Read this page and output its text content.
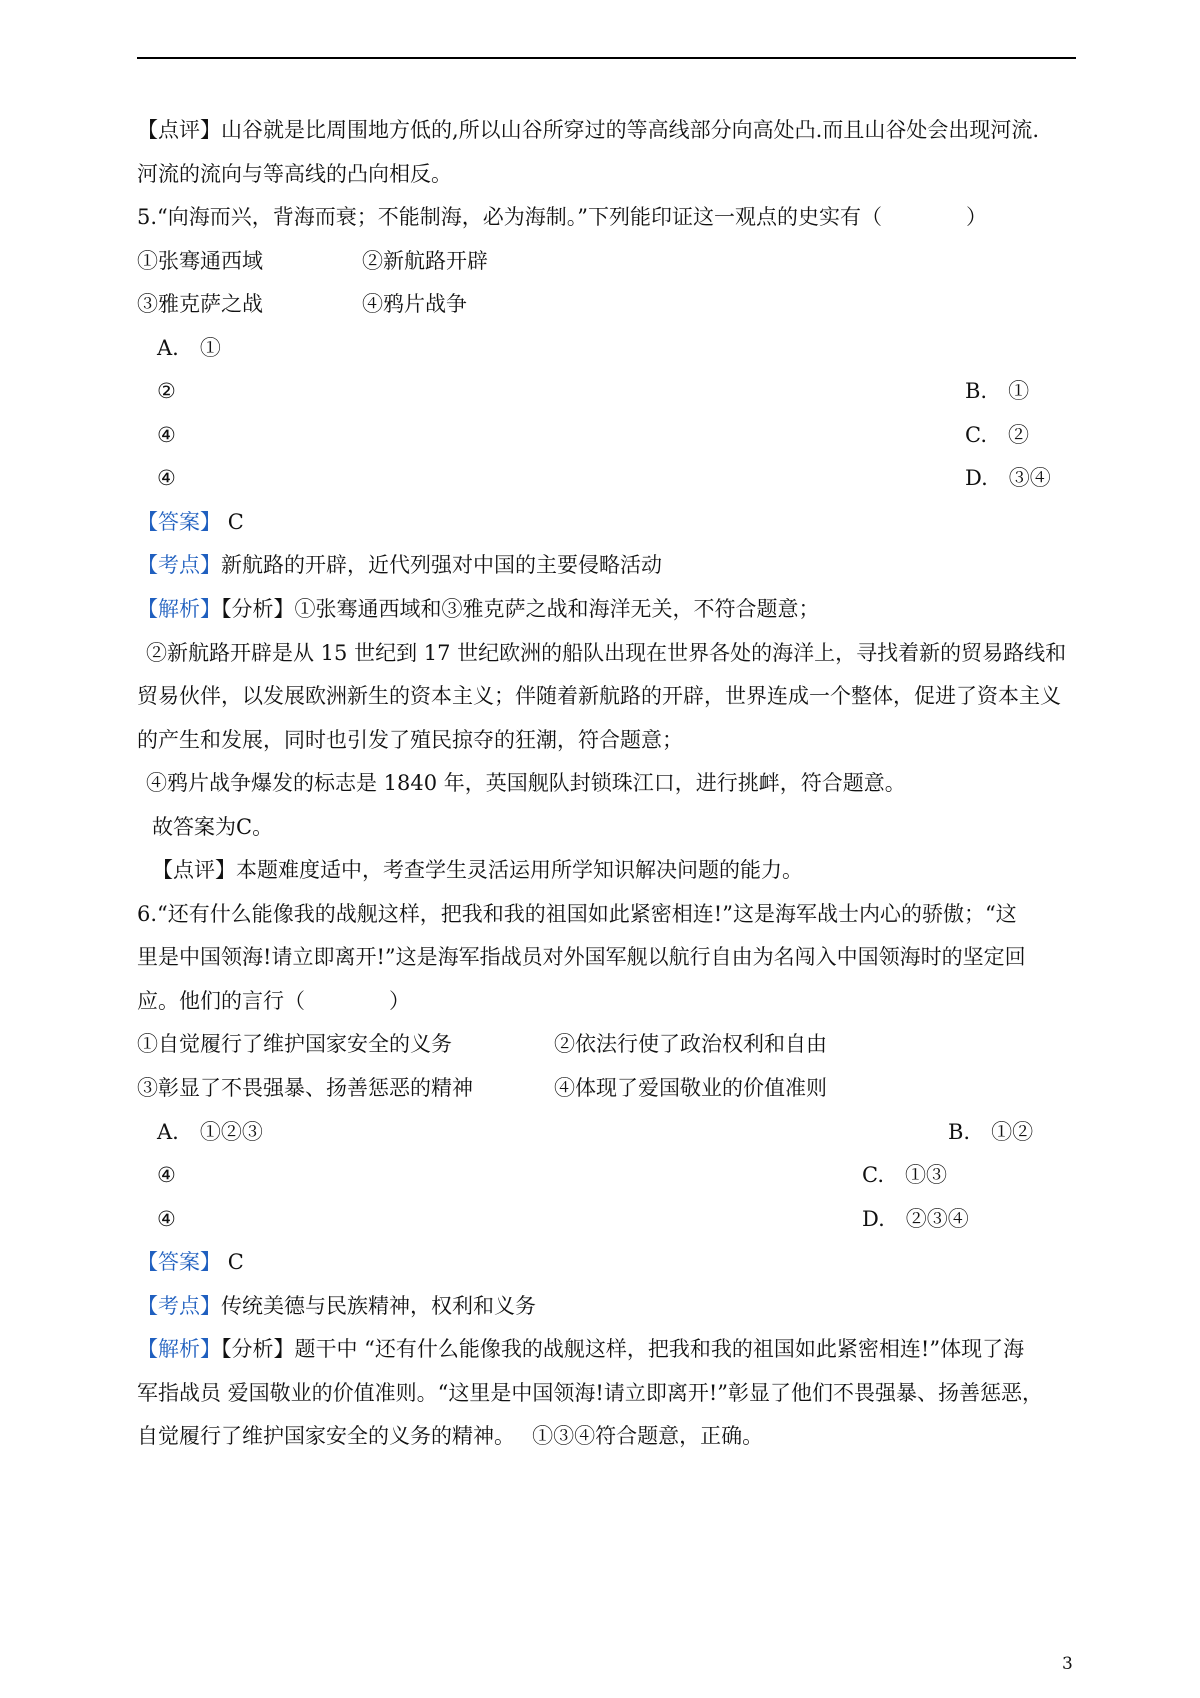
【点评】山谷就是比周围地方低的,所以山谷所穿过的等高线部分向高处凸.而且山谷处会出现河流.
河流的流向与等高线的凸向相反。
5.“向海而兴，背海而衰；不能制海，必为海制。”下列能印证这一观点的史实有（　　　　）
①张骞通西域	②新航路开辟
③雅克萨之战	④鸦片战争
A.　①
②	B.　①
④	C.　②
④	D.　③④
【答案】 C
【考点】新航路的开辟，近代列强对中国的主要侵略活动
【解析】【分析】①张骞通西域和③雅克萨之战和海洋无关，不符合题意；
②新航路开辟是从 15 世纪到 17 世纪欧洲的船队出现在世界各处的海洋上，寻找着新的贸易路线和
贸易伙伴，以发展欧洲新生的资本主义；伴随着新航路的开辟，世界连成一个整体，促进了资本主义
的产生和发展，同时也引发了殖民掠夺的狂潮，符合题意；
④鸦片战争爆发的标志是 1840 年，英国舰队封锁珠江口，进行挑衅，符合题意。
故答案为C。
【点评】本题难度适中，考查学生灵活运用所学知识解决问题的能力。
6.“还有什么能像我的战舰这样，把我和我的祖国如此紧密相连!”这是海军战士内心的骄傲；“这
里是中国领海!请立即离开!”这是海军指战员对外国军舰以航行自由为名闯入中国领海时的坚定回
应。他们的言行（　　　　）
①自觉履行了维护国家安全的义务	②依法行使了政治权利和自由
③彰显了不畏强暴、扬善惩恶的精神	④体现了爱国敬业的价值准则
A.　①②③	B.　①②
④	C.　①③
④	D.　②③④
【答案】 C
【考点】传统美德与民族精神，权利和义务
【解析】【分析】题干中 “还有什么能像我的战舰这样，把我和我的祖国如此紧密相连!”体现了海
军指战员 爱国敬业的价值准则。“这里是中国领海!请立即离开!”彰显了他们不畏强暴、扬善惩恶，
自觉履行了维护国家安全的义务的精神。　 ①③④符合题意，正确。
3
